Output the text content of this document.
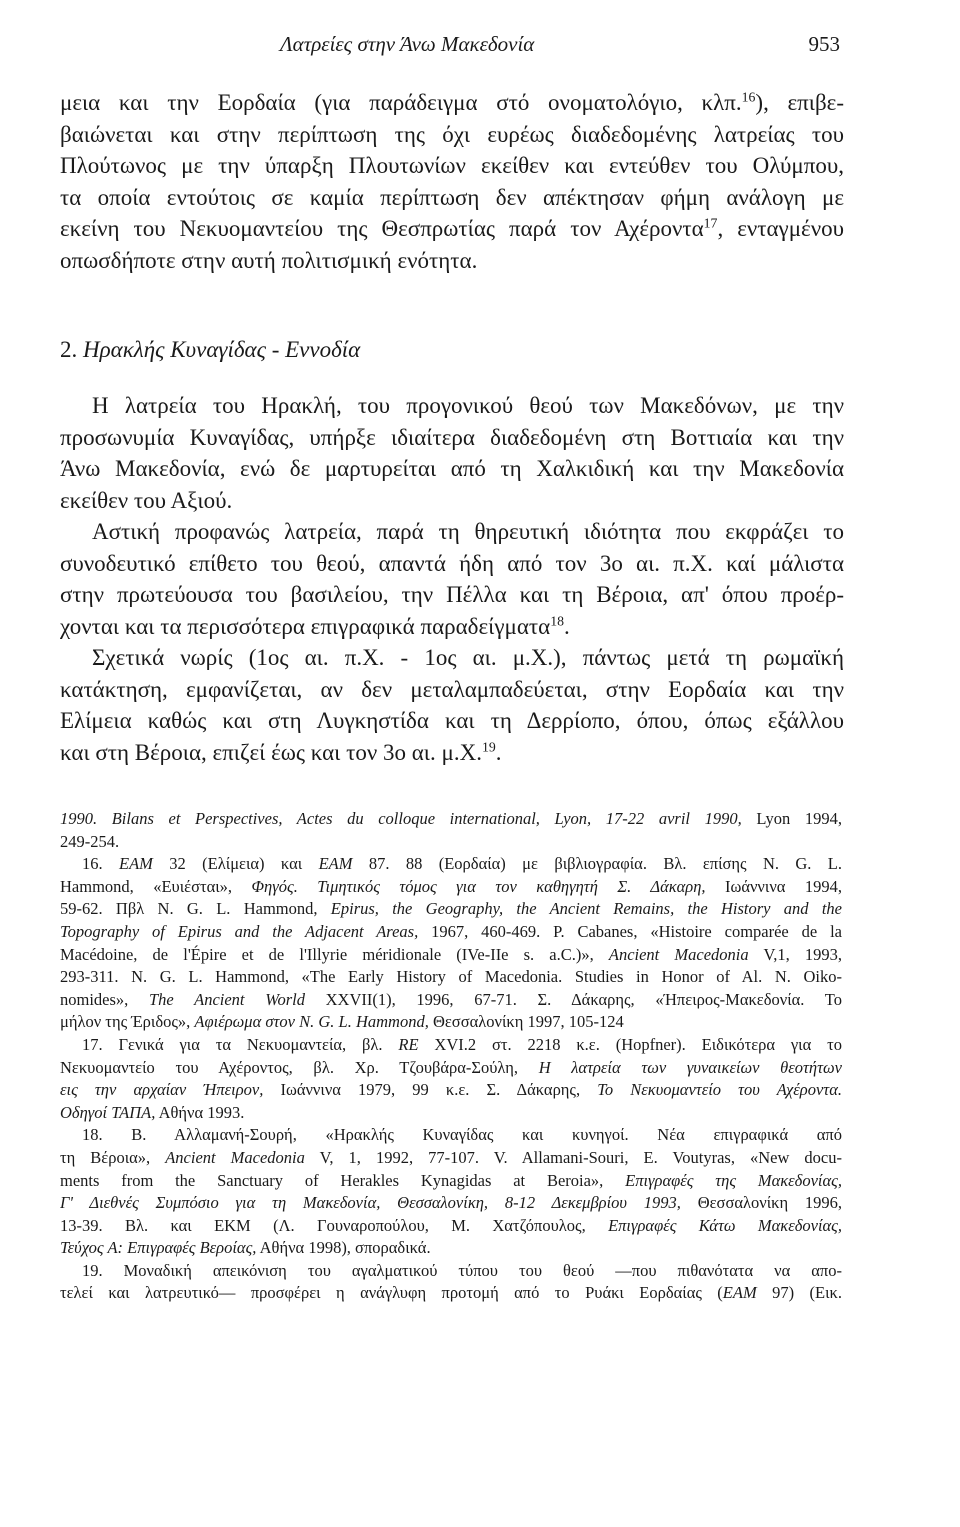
Λατρείες στην Άνω Μακεδονία	953
μεια και την Εορδαία (για παράδειγμα στό ονοματολόγιο, κλπ.$^{16}$), επιβε-
βαιώνεται και στην περίπτωση της όχι ευρέως διαδεδομένης λατρείας του
Πλούτωνος με την ύπαρξη Πλουτωνίων εκείθεν και εντεύθεν του Ολύμπου,
τα οποία εντούτοις σε καμία περίπτωση δεν απέκτησαν φήμη ανάλογη με
εκείνη του Νεκυομαντείου της Θεσπρωτίας παρά τον Αχέροντα$^{17}$, ενταγμένου
οπωσδήποτε στην αυτή πολιτισμική ενότητα.
2. Ηρακλής Κυναγίδας - Εννοδία
Η λατρεία του Ηρακλή, του προγονικού θεού των Μακεδόνων, με την
προσωνυμία Κυναγίδας, υπήρξε ιδιαίτερα διαδεδομένη στη Βοττιαία και την
Άνω Μακεδονία, ενώ δε μαρτυρείται από τη Χαλκιδική και την Μακεδονία
εκείθεν του Αξιού.
Αστική προφανώς λατρεία, παρά τη θηρευτική ιδιότητα που εκφράζει το
συνοδευτικό επίθετο του θεού, απαντά ήδη από τον 3ο αι. π.Χ. καί μάλιστα
στην πρωτεύουσα του βασιλείου, την Πέλλα και τη Βέροια, απ' όπου προέρ-
χονται και τα περισσότερα επιγραφικά παραδείγματα$^{18}$.
Σχετικά νωρίς (1ος αι. π.Χ. - 1ος αι. μ.Χ.), πάντως μετά τη ρωμαϊκή
κατάκτηση, εμφανίζεται, αν δεν μεταλαμπαδεύεται, στην Εορδαία και την
Ελίμεια καθώς και στη Λυγκηστίδα και τη Δερρίοπο, όπου, όπως εξάλλου
και στη Βέροια, επιζεί έως και τον 3ο αι. μ.Χ.$^{19}$.
1990. Bilans et Perspectives, Actes du colloque international, Lyon, 17-22 avril 1990, Lyon 1994,
249-254.
16. ΕΑΜ 32 (Ελίμεια) και ΕΑΜ 87. 88 (Εορδαία) με βιβλιογραφία. Βλ. επίσης N. G. L.
Hammond, «Ευιέσται», Φηγός. Τιμητικός τόμος για τον καθηγητή Σ. Δάκαρη, Ιωάννινα 1994,
59-62. Πβλ N. G. L. Hammond, Epirus, the Geography, the Ancient Remains, the History and the
Topography of Epirus and the Adjacent Areas, 1967, 460-469. P. Cabanes, «Histoire comparée de la
Macédoine, de l'Épire et de l'Illyrie méridionale (IVe-IIe s. a.C.)», Ancient Macedonia V,1, 1993,
293-311. N. G. L. Hammond, «The Early History of Macedonia. Studies in Honor of Al. N. Oiko-
nomides», The Ancient World XXVII(1), 1996, 67-71. Σ. Δάκαρης, «Ήπειρος-Μακεδονία. Το
μήλον της Έριδος», Αφιέρωμα στον N. G. L. Hammond, Θεσσαλονίκη 1997, 105-124
17. Γενικά για τα Νεκυομαντεία, βλ. RE XVI.2 στ. 2218 κ.ε. (Hopfner). Ειδικότερα για το
Νεκυομαντείο του Αχέροντος, βλ. Χρ. Τζουβάρα-Σούλη, Η λατρεία των γυναικείων θεοτήτων
εις την αρχαίαν Ήπειρον, Ιωάννινα 1979, 99 κ.ε. Σ. Δάκαρης, Το Νεκυομαντείο του Αχέροντα.
Οδηγοί ΤΑΠΑ, Αθήνα 1993.
18. Β. Αλλαμανή-Σουρή, «Ηρακλής Κυναγίδας και κυνηγοί. Νέα επιγραφικά από
τη Βέροια», Ancient Macedonia V, 1, 1992, 77-107. V. Allamani-Souri, E. Voutyras, «New docu-
ments from the Sanctuary of Herakles Kynagidas at Beroia», Επιγραφές της Μακεδονίας,
Γ' Διεθνές Συμπόσιο για τη Μακεδονία, Θεσσαλονίκη, 8-12 Δεκεμβρίου 1993, Θεσσαλονίκη 1996,
13-39. Βλ. και ΕΚΜ (Λ. Γουναροπούλου, Μ. Χατζόπουλος, Επιγραφές Κάτω Μακεδονίας,
Τεύχος Α: Επιγραφές Βεροίας, Αθήνα 1998), σποραδικά.
19. Μοναδική απεικόνιση του αγαλματικού τύπου του θεού —που πιθανότατα να απο-
τελεί και λατρευτικό— προσφέρει η ανάγλυφη προτομή από το Ρυάκι Εορδαίας (ΕΑΜ 97) (Εικ.
